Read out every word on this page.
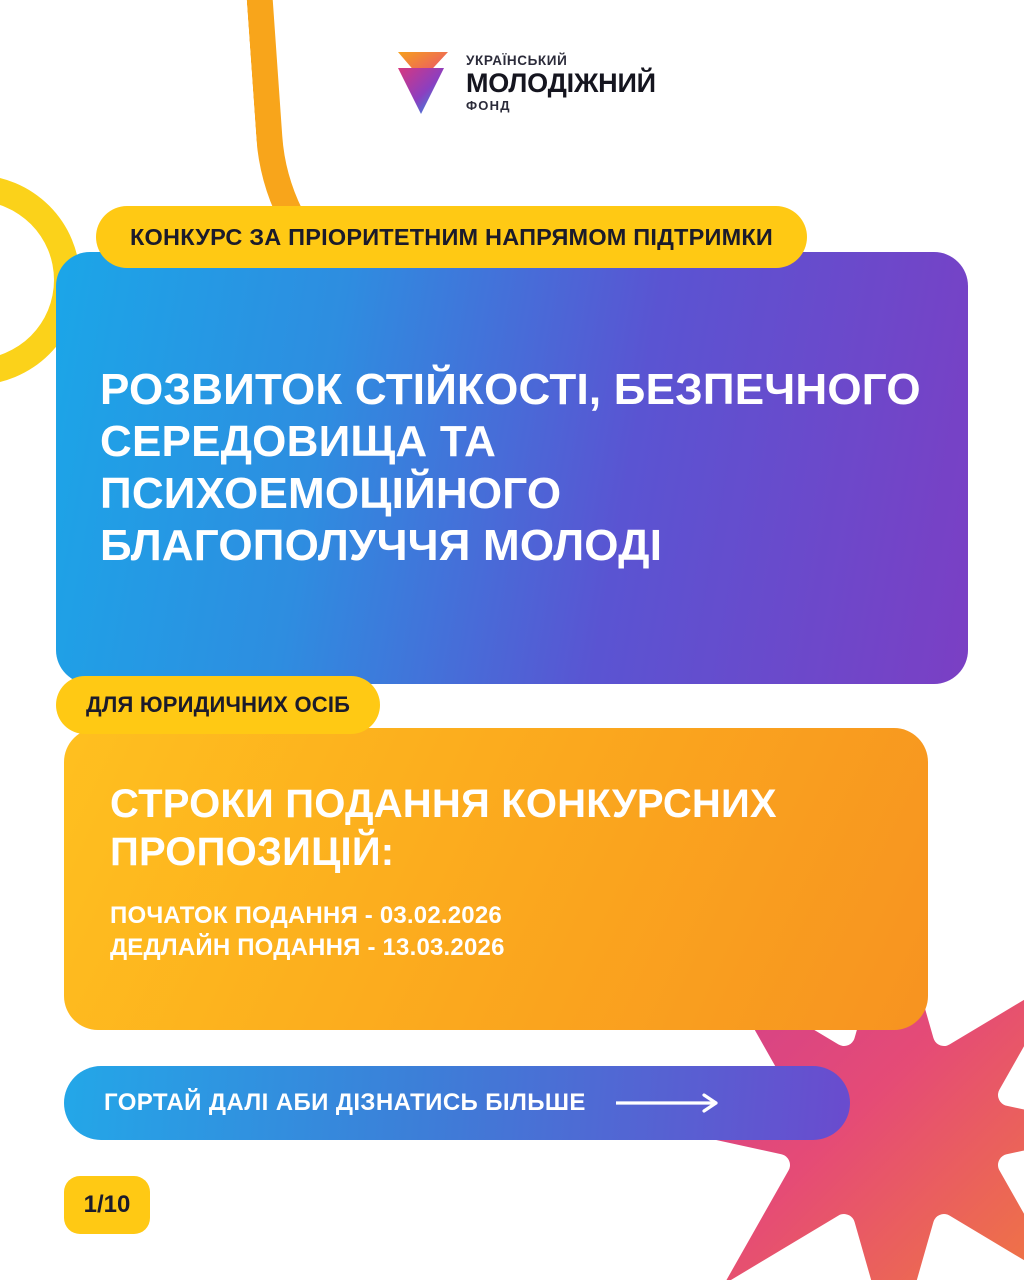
УКРАЇНСЬКИЙ
МОЛОДІЖНИЙ
ФОНД
КОНКУРС ЗА ПРІОРИТЕТНИМ НАПРЯМОМ ПІДТРИМКИ
РОЗВИТОК СТІЙКОСТІ, БЕЗПЕЧНОГО СЕРЕДОВИЩА ТА ПСИХОЕМОЦІЙНОГО БЛАГОПОЛУЧЧЯ МОЛОДІ
ДЛЯ ЮРИДИЧНИХ ОСІБ
СТРОКИ ПОДАННЯ КОНКУРСНИХ ПРОПОЗИЦІЙ:
ПОЧАТОК ПОДАННЯ - 03.02.2026
ДЕДЛАЙН ПОДАННЯ - 13.03.2026
ГОРТАЙ ДАЛІ АБИ ДІЗНАТИСЬ БІЛЬШЕ
1/10
